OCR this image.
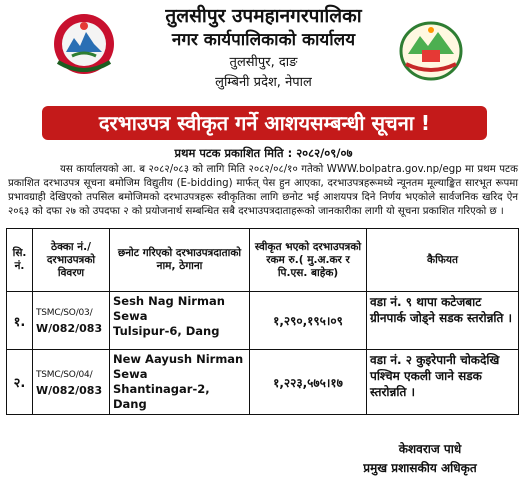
तुलसीपुर उपमहानगरपालिका
नगर कार्यपालिकाको कार्यालय
तुलसीपुर, दाङ
लुम्बिनी प्रदेश, नेपाल
दरभाउपत्र स्वीकृत गर्ने आशयसम्बन्धी सूचना !
प्रथम पटक प्रकाशित मिति : २०८२/०९/०७
यस कार्यालयको आ. ब २०८२/०८३ को लागि मिति २०८२/०८/१० गतेको WWW.bolpatra.gov.np/egp मा प्रथम पटक प्रकाशित दरभाउपत्र सूचना बमोजिम विद्युतीय (E-bidding) मार्फत् पेस हुन आएका, दरभाउपत्रहरूमध्ये न्यूनतम मूल्याङ्कित सारभूत रूपमा प्रभावग्राही देखिएको तपसिल बमोजिमको दरभाउपत्रहरू स्वीकृतिका लागि छनोट भई आशयपत्र दिने निर्णय भएकोले सार्वजनिक खरिद ऐन २०६३ को दफा २७ को उपदफा २ को प्रयोजनार्थ सम्बन्धित सबै दरभाउपत्रदाताहरूको जानकारीका लागी यो सूचना प्रकाशित गरिएको छ ।
सि. नं.	ठेक्का नं./ दरभाउपत्रको विवरण	छनोट गरिएको दरभाउपत्रदाताको नाम, ठेगाना	स्वीकृत भएको दरभाउपत्रको रकम रु.( मु.अ.कर र पि.एस. बाहेक)	कैफियत
१.	TSMC/SO/03/
W/082/083	Sesh Nag Nirman
Sewa
Tulsipur-6, Dang	१,२९०,१९५।०९	वडा नं. ९ थापा कटेजबाट ग्रीनपार्क जोड्ने सडक स्तरोन्नति ।
२.	TSMC/SO/04/
W/082/083	New Aayush Nirman
Sewa
Shantinagar-2, Dang	१,२२३,५७५।१७	वडा नं. २ कुइरेपानी चोकदेखि पश्चिम एकली जाने सडक स्तरोन्नति ।
केशवराज पाधे
प्रमुख प्रशासकीय अधिकृत
